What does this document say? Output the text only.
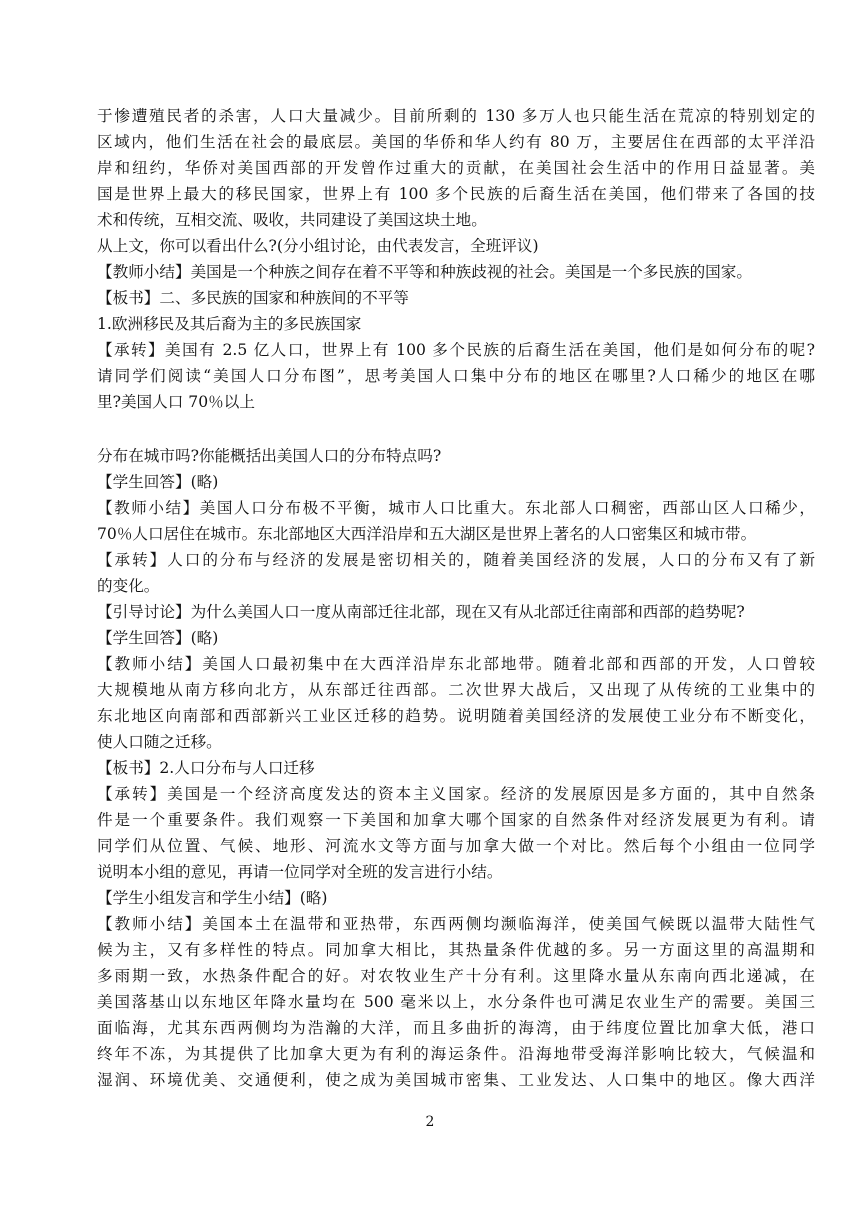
于惨遭殖民者的杀害，人口大量减少。目前所剩的 130 多万人也只能生活在荒凉的特别划定的
区域内，他们生活在社会的最底层。美国的华侨和华人约有 80 万，主要居住在西部的太平洋沿
岸和纽约，华侨对美国西部的开发曾作过重大的贡献，在美国社会生活中的作用日益显著。美
国是世界上最大的移民国家，世界上有 100 多个民族的后裔生活在美国，他们带来了各国的技
术和传统，互相交流、吸收，共同建设了美国这块土地。
从上文，你可以看出什么?(分小组讨论，由代表发言，全班评议)
【教师小结】美国是一个种族之间存在着不平等和种族歧视的社会。美国是一个多民族的国家。
【板书】二、多民族的国家和种族间的不平等
1.欧洲移民及其后裔为主的多民族国家
【承转】美国有 2.5 亿人口，世界上有 100 多个民族的后裔生活在美国，他们是如何分布的呢?
请同学们阅读“美国人口分布图”，思考美国人口集中分布的地区在哪里?人口稀少的地区在哪
里?美国人口 70％以上
分布在城市吗?你能概括出美国人口的分布特点吗?
【学生回答】(略)
【教师小结】美国人口分布极不平衡，城市人口比重大。东北部人口稠密，西部山区人口稀少，
70％人口居住在城市。东北部地区大西洋沿岸和五大湖区是世界上著名的人口密集区和城市带。
【承转】人口的分布与经济的发展是密切相关的，随着美国经济的发展，人口的分布又有了新
的变化。
【引导讨论】为什么美国人口一度从南部迁往北部，现在又有从北部迁往南部和西部的趋势呢?
【学生回答】(略)
【教师小结】美国人口最初集中在大西洋沿岸东北部地带。随着北部和西部的开发，人口曾较
大规模地从南方移向北方，从东部迁往西部。二次世界大战后，又出现了从传统的工业集中的
东北地区向南部和西部新兴工业区迁移的趋势。说明随着美国经济的发展使工业分布不断变化，
使人口随之迁移。
【板书】2.人口分布与人口迁移
【承转】美国是一个经济高度发达的资本主义国家。经济的发展原因是多方面的，其中自然条
件是一个重要条件。我们观察一下美国和加拿大哪个国家的自然条件对经济发展更为有利。请
同学们从位置、气候、地形、河流水文等方面与加拿大做一个对比。然后每个小组由一位同学
说明本小组的意见，再请一位同学对全班的发言进行小结。
【学生小组发言和学生小结】(略)
【教师小结】美国本土在温带和亚热带，东西两侧均濒临海洋，使美国气候既以温带大陆性气
候为主，又有多样性的特点。同加拿大相比，其热量条件优越的多。另一方面这里的高温期和
多雨期一致，水热条件配合的好。对农牧业生产十分有利。这里降水量从东南向西北递减，在
美国落基山以东地区年降水量均在 500 毫米以上，水分条件也可满足农业生产的需要。美国三
面临海，尤其东西两侧均为浩瀚的大洋，而且多曲折的海湾，由于纬度位置比加拿大低，港口
终年不冻，为其提供了比加拿大更为有利的海运条件。沿海地带受海洋影响比较大，气候温和
湿润、环境优美、交通便利，使之成为美国城市密集、工业发达、人口集中的地区。像大西洋
2
